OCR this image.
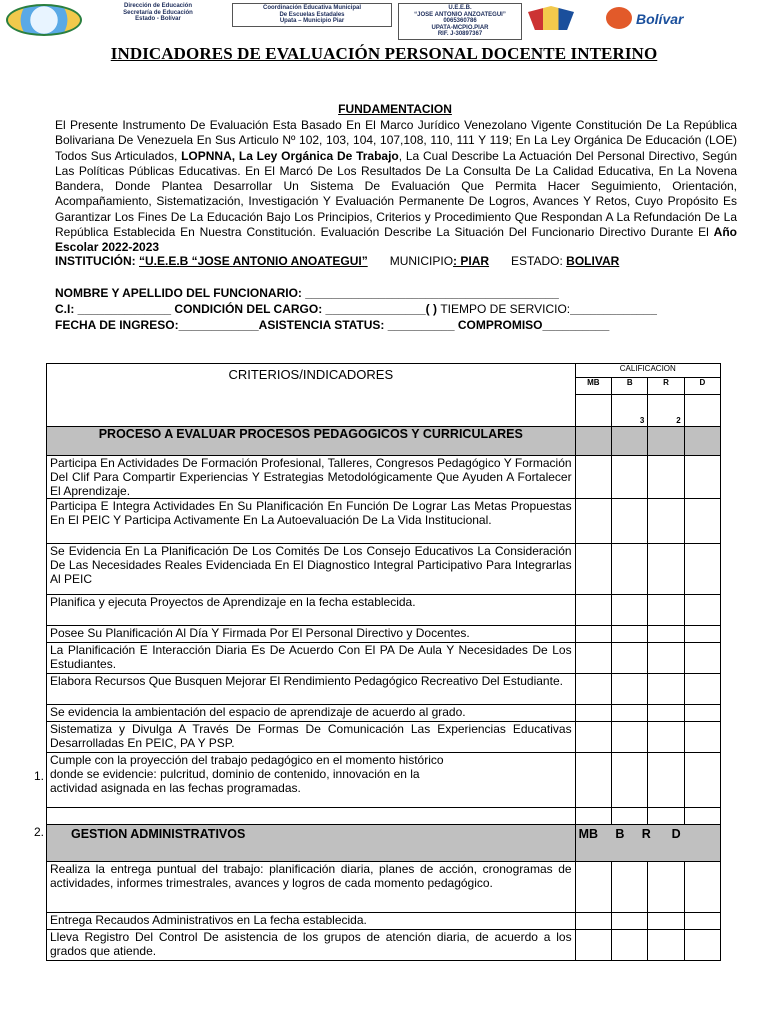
Dirección de Educación
Secretaría de Educación
Estado - Bolívar
Coordinación Educativa Municipal
De Escuelas Estadales
Upata – Municipio Piar
U.E.E.B.
“JOSE ANTONIO ANZOATEGUI”
0065360786
UPATA-MCPIO.PIAR
RIF. J-30897367
Bolívar
INDICADORES DE EVALUACIÓN PERSONAL DOCENTE INTERINO
FUNDAMENTACION
El Presente Instrumento De Evaluación Esta Basado En El Marco Jurídico Venezolano Vigente Constitución De La República Bolivariana De Venezuela En Sus Articulo Nº 102, 103, 104, 107,108, 110, 111 Y 119; En La Ley Orgánica De Educación (LOE) Todos Sus Articulados, LOPNNA, La Ley Orgánica De Trabajo, La Cual Describe La Actuación Del Personal Directivo, Según Las Políticas Públicas Educativas. En El Marcó De Los Resultados De La Consulta De La Calidad Educativa, En La Novena Bandera, Donde Plantea Desarrollar Un Sistema De Evaluación Que Permita Hacer Seguimiento, Orientación, Acompañamiento, Sistematización, Investigación Y Evaluación Permanente De Logros, Avances Y Retos, Cuyo Propósito Es Garantizar Los Fines De La Educación Bajo Los Principios, Criterios y Procedimiento Que Respondan A La Refundación De La República Establecida En Nuestra Constitución. Evaluación Describe La Situación Del Funcionario Directivo Durante El Año Escolar 2022-2023
INSTITUCIÓN: “U.E.E.B “JOSE ANTONIO ANOATEGUI” MUNICIPIO: PIAR ESTADO: BOLIVAR
NOMBRE Y APELLIDO DEL FUNCIONARIO: ______________________________________
C.I: ______________ CONDICIÓN DEL CARGO: _______________( ) TIEMPO DE SERVICIO:_____________
FECHA DE INGRESO:____________ASISTENCIA STATUS: __________ COMPROMISO__________
CRITERIOS/INDICADORES	CALIFICACION			
	MB	B	R	D

		3	2	

PROCESO A EVALUAR PROCESOS PEDAGOGICOS Y CURRICULARES				
Participa En Actividades De Formación Profesional, Talleres, Congresos Pedagógico Y Formación Del Clif Para Compartir Experiencias Y Estrategias Metodológicamente Que Ayuden A Fortalecer El Aprendizaje.				
Participa E Integra Actividades En Su Planificación En Función De Lograr Las Metas Propuestas En El PEIC Y Participa Activamente En La Autoevaluación De La Vida Institucional.				
Se Evidencia En La Planificación De Los Comités De Los Consejo Educativos La Consideración De Las Necesidades Reales Evidenciada En El Diagnostico Integral Participativo Para Integrarlas Al PEIC				
Planifica y ejecuta Proyectos de Aprendizaje en la fecha establecida.				
Posee Su Planificación Al Día Y Firmada Por El Personal Directivo y Docentes.				
La Planificación E Interacción Diaria Es De Acuerdo Con El PA De Aula Y Necesidades De Los Estudiantes.				
Elabora Recursos Que Busquen Mejorar El Rendimiento Pedagógico Recreativo Del Estudiante.				
Se evidencia la ambientación del espacio de aprendizaje de acuerdo al grado.				
Sistematiza y Divulga A Través De Formas De Comunicación Las Experiencias Educativas Desarrolladas En PEIC, PA Y PSP.				
Cumple con la proyección del trabajo pedagógico en el momento histórico
donde se evidencie: pulcritud, dominio de contenido, innovación en la
actividad asignada en las fechas programadas.				

GESTION ADMINISTRATIVOS	MB     B     R      D			
Realiza la entrega puntual del trabajo: planificación diaria, planes de acción, cronogramas de actividades, informes trimestrales, avances y logros de cada momento pedagógico.				
Entrega Recaudos Administrativos en La fecha establecida.				
Lleva Registro Del Control De asistencia de los grupos de atención diaria, de acuerdo a los grados que atiende.				
1.
2.
